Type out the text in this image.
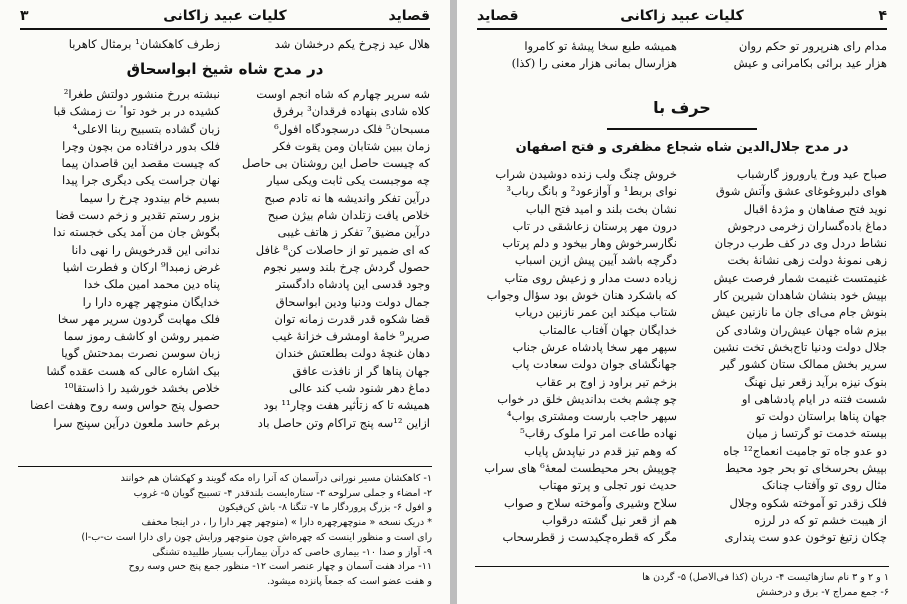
قصاید
کلیات عبید زاکانی
٣
هلال عید زچرخ یکم درخشان شد
زطرف کاهکشان¹ برمثال کاهربا
در مدح شاه شیخ ابواسحاق
شه سریر چهارم که شاه انجم اوست
کلاه شادی بنهاده فرقدان³ برفرق
مسبحان⁵ فلک درسجودگاه افول⁶
زمان ببین شتابان ومن یقوت فکر
که چیست حاصل این روشنان بی حاصل
چه موجبست یکی ثابت ویکی سیار
درآین تفکر واندیشه ها نه تادم صبح
خلاص یافت زتلدان شام بیژن صبح
درآین مضیق⁷ تفکر ز هاتف غیبی
که ای ضمیر تو از حاصلات کن⁸ غافل
حصول گردش چرخ بلند وسیر نجوم
وجود قدسی این پادشاه دادگستر
جمال دولت ودنیا ودین ابواسحاق
قضا شکوه قدر قدرت زمانه توان
صریر⁹ خامهٔ اومشرف خزانهٔ غیب
دهان غنچهٔ دولت بطلعتش خندان
جهان پناها گر از نافذت عافق
دماغ دهر شنود شب کند عالی
همیشه تا که زتأثیر هفت وچار¹¹ بود
ازاین ¹²سه پنج تراکام وتن حاصل باد
نبشته بررخ منشور دولتش طغرا²
کشیده در بر خود تواٴ ت زمشک قبا
زبان گشاده بتسبیح ربنا الاعلی⁴
فلک بدور درافتاده من بچون وچرا
که چیست مقصد این قاصدان پیما
نهان جراست یکی دیگری جرا پیدا
بسیم خام بیندود چرخ را سیما
بزور رستم تقدیر و زخم دست قضا
بگوش جان من آمد یکی خجسته ندا
ندانی این قدرخویش را نهی دانا
غرض زمبدا⁹ ارکان و فطرت اشیا
پناه دین محمد امین ملک خدا
خدایگان منوچهر چهره دارا را
فلک مهابت گردون سریر مهر سخا
ضمیر روشن او کاشف رموز سما
زبان سوسن نصرت بمدحتش گویا
بیک اشاره عالی که هست عقده گشا
خلاص بخشد خورشید را ذاستقا¹⁰
حصول پنج حواس وسه روح وهفت اعضا
برغم حاسد ملعون درآین سپنج سرا
۱- کاهکشان مسیر نورانی درآسمان که آنرا راه مکه گویند و کهکشان هم خوانند
۲- امضاء و جملی سرلوحه ۳- ستاره‌ایست بلندقدر ۴- تسبیح گویان ۵- غروب
و افول ۶- بزرگ پروردگار ما ۷- تنگنا ۸- باش کن‌فیکون
* دریک نسخه « منوچهرچهره دارا » (منوچهر چهر دارا را ، در اینجا مخفف
رای است و منظور اینست که چهره‌اش چون منوچهر ورایش چون رای دارا است ت-ب-ا)
۹- آواز و صدا ۱۰- بیماری خاصی که درآن بیمارآب بسیار طلبیده تشنگی
۱۱- مراد هفت آسمان و چهار عنصر است ۱۲- منظور جمع پنج حس وسه روح
و هفت عضو است که جمعاً پانزده میشود.
۴
کلیات عبید زاکانی
قصاید
مدام رای هنرپرور تو حکم روان
هزار عید برائی بکامرانی و عیش
همیشه طبع سخا پیشهٔ تو کامروا
هزارسال بمانی هزار معنی را (کذا)
حرف با
در مدح جلال‌الدین شاه شجاع مظفری و فتح اصفهان
صباح عید ورخ یاروروز گارشباب
هوای دلبروغوغای عشق وآتش شوق
نوید فتح صفاهان و مژدهٔ اقبال
دماغ باده‌گساران زخرمی درجوش
نشاط دردل وی در کف طرب درجان
زهی نمونهٔ دولت زهی نشانهٔ بخت
غنیمتست غنیمت شمار فرصت عیش
بپیش خود بنشان شاهدان شیرین کار
بنوش جام می‌ای جان ما نازنین عیش
بیزم شاه جهان عیش‌ران وشادی کن
جلال دولت ودنیا تاج‌بخش تخت نشین
سریر بخش ممالک ستان کشور گیر
بنوک نیزه برآید زقعر نیل نهنگ
شست فتنه در ایام پادشاهی او
جهان پناها براستان دولت تو
بیسته خدمت تو گرتسا ز ميان
دو عدو جاه تو جامیت انعماج¹² جاه
بپیش بحرسخای تو بحر جود محیط
مثال روی تو وآفتاب چنانک
فلک زقدر تو آموخته شکوه وجلال
از هیبت خشم تو که در لرزه
چکان زتیغ توخون عدو ست پنداری
خروش چنگ ولب زنده دوشیدن شراب
نوای بربط¹ و آوازعود² و بانگ رباب³
نشان بخت بلند و امید فتح الباب
درون مهر پرستان زعاشقی در تاب
نگارسرخوش وهار بیخود و دلم پرتاب
دگرچه باشد آیین پیش ازین اسباب
زیاده دست مدار و زعیش روی متاب
که باشکرد هنان خوش بود سؤال وجواب
شتاب میکند این عمر نازنین دریاب
خدایگان جهان آفتاب عالمتاب
سپهر مهر سخا پادشاه عرش جناب
جهانگشای جوان دولت سعادت پاب
بزخم تیر براود ز اوج بر عقاب
چو چشم بخت بداندیش خلق در خواب
سپهر حاجب بارست ومشتری بواب⁴
نهاده طاعت امر ترا ملوک رقاب⁵
که وهم تیز قدم در نیاپدش پایاب
چوپیش بحر محیطست لمعهٔ⁶ های سراب
حدیث نور تجلی و پرتو مهتاب
سلاح وشیری وآموخته سلاح و صواب
هم از قعر نیل گشته درقواب
مگر که قطره‌چکیدست ز قطرسحاب
۱ و ۲ و ۳ نام سازهائیست ۴- دربان (کذا فی‌الاصل) ۵- گردن ها
۶- جمع ممراج ۷- برق و درخشش
